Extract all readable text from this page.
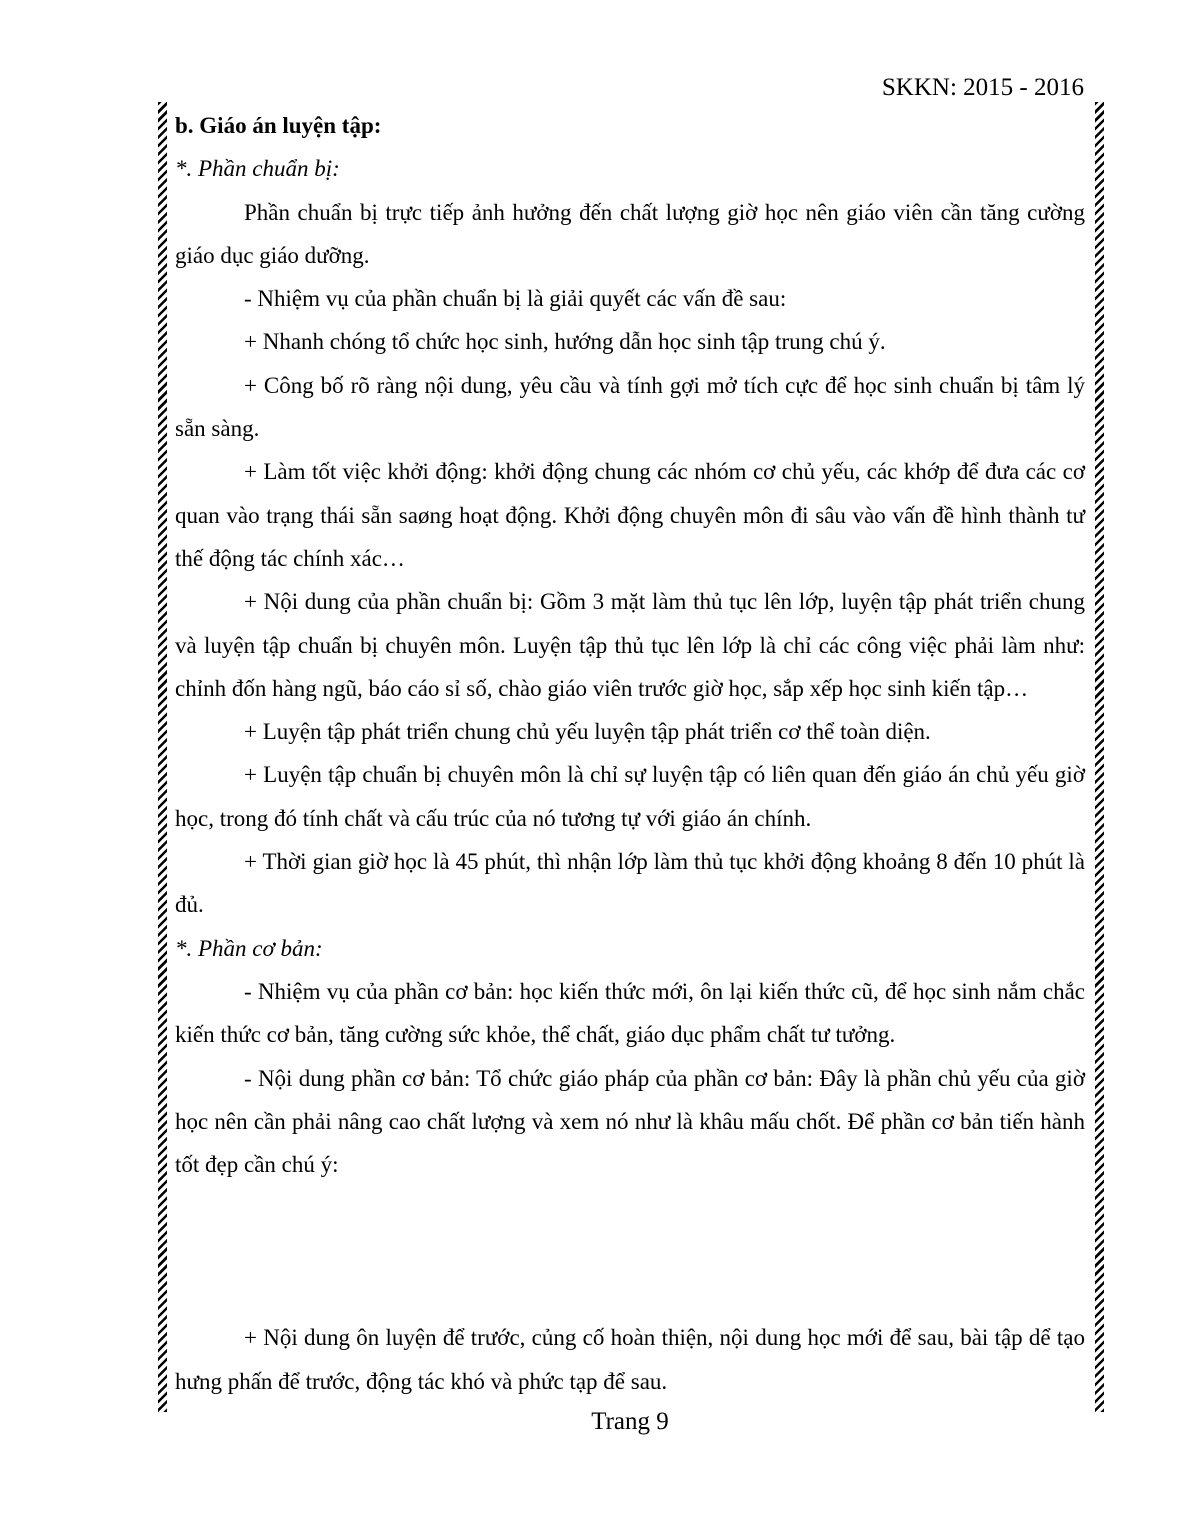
SKKN: 2015 - 2016

b. Giáo án luyện tập:

*. Phần chuẩn bị:

Phần chuẩn bị trực tiếp ảnh hưởng đến chất lượng giờ học nên giáo viên cần tăng cường giáo dục giáo dưỡng.

- Nhiệm vụ của phần chuẩn bị là giải quyết các vấn đề sau:

+ Nhanh chóng tổ chức học sinh, hướng dẫn học sinh tập trung chú ý.

+ Công bố rõ ràng nội dung, yêu cầu và tính gợi mở tích cực để học sinh chuẩn bị tâm lý sẵn sàng.

+ Làm tốt việc khởi động: khởi động chung các nhóm cơ chủ yếu, các khớp để đưa các cơ quan vào trạng thái sẵn saøng hoạt động. Khởi động chuyên môn đi sâu vào vấn đề hình thành tư thế động tác chính xác…

+ Nội dung của phần chuẩn bị: Gồm 3 mặt làm thủ tục lên lớp, luyện tập phát triển chung và luyện tập chuẩn bị chuyên môn. Luyện tập thủ tục lên lớp là chỉ các công việc phải làm như: chỉnh đốn hàng ngũ, báo cáo sỉ số, chào giáo viên trước giờ học, sắp xếp học sinh kiến tập…

+ Luyện tập phát triển chung chủ yếu luyện tập phát triển cơ thể toàn diện.

+ Luyện tập chuẩn bị chuyên môn là chỉ sự luyện tập có liên quan đến giáo án chủ yếu giờ học, trong đó tính chất và cấu trúc của nó tương tự với giáo án chính.

+ Thời gian giờ học là 45 phút, thì nhận lớp làm thủ tục khởi động khoảng 8 đến 10 phút là đủ.

*. Phần cơ bản:

- Nhiệm vụ của phần cơ bản: học kiến thức mới, ôn lại kiến thức cũ, để học sinh nắm chắc kiến thức cơ bản, tăng cường sức khỏe, thể chất, giáo dục phẩm chất tư tưởng.

- Nội dung phần cơ bản: Tổ chức giáo pháp của phần cơ bản: Đây là phần chủ yếu của giờ học nên cần phải nâng cao chất lượng và xem nó như là khâu mấu chốt. Để phần cơ bản tiến hành tốt đẹp cần chú ý:

+ Nội dung ôn luyện để trước, củng cố hoàn thiện, nội dung học mới để sau, bài tập dể tạo hưng phấn để trước, động tác khó và phức tạp để sau.

Trang 9
